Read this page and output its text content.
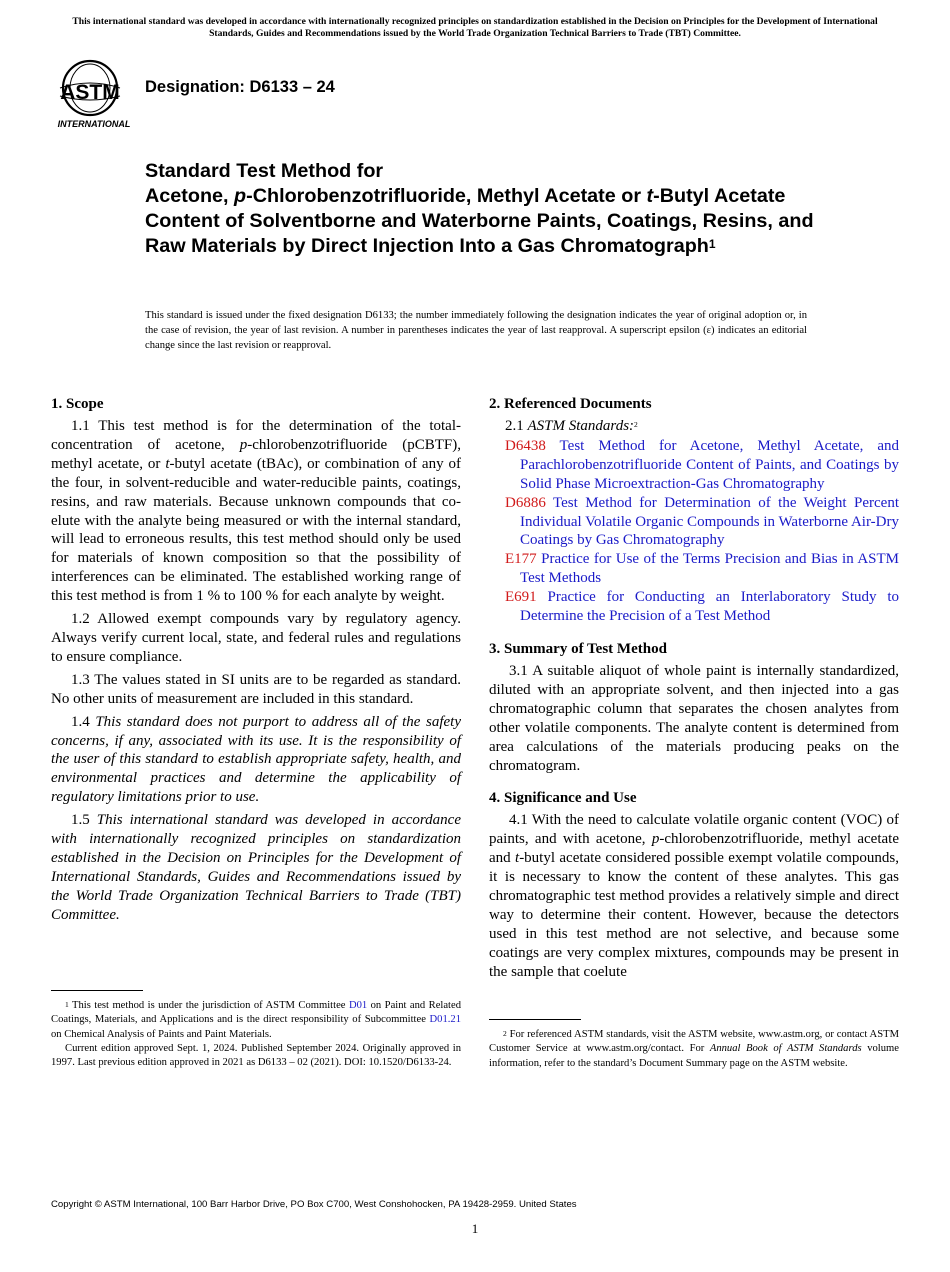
This international standard was developed in accordance with internationally recognized principles on standardization established in the Decision on Principles for the Development of International Standards, Guides and Recommendations issued by the World Trade Organization Technical Barriers to Trade (TBT) Committee.
ASTM
INTERNATIONAL
Designation: D6133 – 24
Standard Test Method for
Acetone, p-Chlorobenzotrifluoride, Methyl Acetate or t-Butyl Acetate Content of Solventborne and Waterborne Paints, Coatings, Resins, and Raw Materials by Direct Injection Into a Gas Chromatograph$^1$
This standard is issued under the fixed designation D6133; the number immediately following the designation indicates the year of original adoption or, in the case of revision, the year of last revision. A number in parentheses indicates the year of last reapproval. A superscript epsilon (ε) indicates an editorial change since the last revision or reapproval.
1. Scope

1.1 This test method is for the determination of the total-concentration of acetone, p-chlorobenzotrifluoride (pCBTF), methyl acetate, or t-butyl acetate (tBAc), or combination of any of the four, in solvent-reducible and water-reducible paints, coatings, resins, and raw materials. Because unknown compounds that co-elute with the analyte being measured or with the internal standard, will lead to erroneous results, this test method should only be used for materials of known composition so that the possibility of interferences can be eliminated. The established working range of this test method is from 1 % to 100 % for each analyte by weight.

1.2 Allowed exempt compounds vary by regulatory agency. Always verify current local, state, and federal rules and regulations to ensure compliance.

1.3 The values stated in SI units are to be regarded as standard. No other units of measurement are included in this standard.

1.4 This standard does not purport to address all of the safety concerns, if any, associated with its use. It is the responsibility of the user of this standard to establish appropriate safety, health, and environmental practices and determine the applicability of regulatory limitations prior to use.

1.5 This international standard was developed in accordance with internationally recognized principles on standardization established in the Decision on Principles for the Development of International Standards, Guides and Recommendations issued by the World Trade Organization Technical Barriers to Trade (TBT) Committee.

2. Referenced Documents
2.1 ASTM Standards:$^2$
D6438 Test Method for Acetone, Methyl Acetate, and Parachlorobenzotrifluoride Content of Paints, and Coatings by Solid Phase Microextraction-Gas Chromatography
D6886 Test Method for Determination of the Weight Percent Individual Volatile Organic Compounds in Waterborne Air-Dry Coatings by Gas Chromatography
E177 Practice for Use of the Terms Precision and Bias in ASTM Test Methods
E691 Practice for Conducting an Interlaboratory Study to Determine the Precision of a Test Method
3. Summary of Test Method

3.1 A suitable aliquot of whole paint is internally standardized, diluted with an appropriate solvent, and then injected into a gas chromatographic column that separates the chosen analytes from other volatile components. The analyte content is determined from area calculations of the materials producing peaks on the chromatogram.

4. Significance and Use

4.1 With the need to calculate volatile organic content (VOC) of paints, and with acetone, p-chlorobenzotrifluoride, methyl acetate and t-butyl acetate considered possible exempt volatile compounds, it is necessary to know the content of these analytes. This gas chromatographic test method provides a relatively simple and direct way to determine their content. However, because the detectors used in this test method are not selective, and because some coatings are very complex mixtures, compounds may be present in the sample that coelute

$^1$ This test method is under the jurisdiction of ASTM Committee D01 on Paint and Related Coatings, Materials, and Applications and is the direct responsibility of Subcommittee D01.21 on Chemical Analysis of Paints and Paint Materials.

Current edition approved Sept. 1, 2024. Published September 2024. Originally approved in 1997. Last previous edition approved in 2021 as D6133 – 02 (2021). DOI: 10.1520/D6133-24.

$^2$ For referenced ASTM standards, visit the ASTM website, www.astm.org, or contact ASTM Customer Service at www.astm.org/contact. For Annual Book of ASTM Standards volume information, refer to the standard’s Document Summary page on the ASTM website.

Copyright © ASTM International, 100 Barr Harbor Drive, PO Box C700, West Conshohocken, PA 19428-2959. United States
1
